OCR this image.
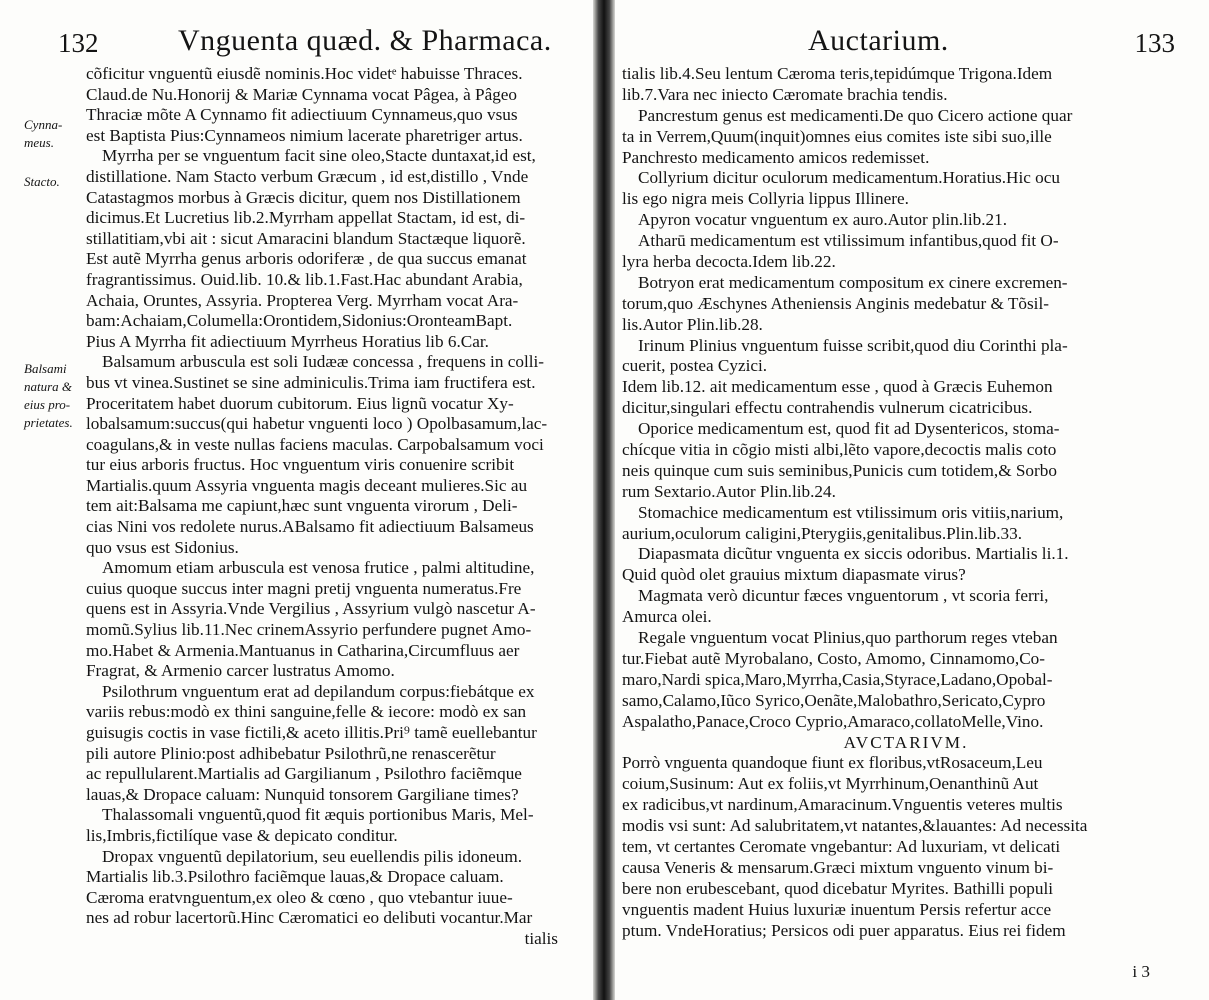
132	Vnguenta quæd. & Pharmaca.
Cynna-
meus.
Stacto.
Balsami
natura &
eius pro-
prietates.
cõficitur vnguentũ eiusdẽ nominis.Hoc videtᵉ habuisse Thraces.
Claud.de Nu.Honorij & Mariæ Cynnama vocat Pâgea, à Pâgeo
Thraciæ mõte A Cynnamo fit adiectiuum Cynnameus,quo vsus
est Baptista Pius:Cynnameos nimium lacerate pharetriger artus.
Myrrha per se vnguentum facit sine oleo,Stacte duntaxat,id est,
distillatione. Nam Stacto verbum Græcum , id est,distillo , Vnde
Catastagmos morbus à Græcis dicitur, quem nos Distillationem
dicimus.Et Lucretius lib.2.Myrrham appellat Stactam, id est, di-
stillatitiam,vbi ait : sicut Amaracini blandum Stactæque liquorẽ.
Est autẽ Myrrha genus arboris odoriferæ , de qua succus emanat
fragrantissimus. Ouid.lib. 10.& lib.1.Fast.Hac abundant Arabia,
Achaia, Oruntes, Assyria. Propterea Verg. Myrrham vocat Ara-
bam:Achaiam,Columella:Orontidem,Sidonius:OronteamBapt.
Pius A Myrrha fit adiectiuum Myrrheus Horatius lib 6.Car.
Balsamum arbuscula est soli Iudææ concessa , frequens in colli-
bus vt vinea.Sustinet se sine adminiculis.Trima iam fructifera est.
Proceritatem habet duorum cubitorum. Eius lignũ vocatur Xy-
lobalsamum:succus(qui habetur vnguenti loco ) Opolbasamum,lac-
coagulans,& in veste nullas faciens maculas. Carpobalsamum voci
tur eius arboris fructus. Hoc vnguentum viris conuenire scribit
Martialis.quum Assyria vnguenta magis deceant mulieres.Sic au
tem ait:Balsama me capiunt,hæc sunt vnguenta virorum , Deli-
cias Nini vos redolete nurus.ABalsamo fit adiectiuum Balsameus
quo vsus est Sidonius.
Amomum etiam arbuscula est venosa frutice , palmi altitudine,
cuius quoque succus inter magni pretij vnguenta numeratus.Fre
quens est in Assyria.Vnde Vergilius , Assyrium vulgò nascetur A-
momũ.Sylius lib.11.Nec crinemAssyrio perfundere pugnet Amo-
mo.Habet & Armenia.Mantuanus in Catharina,Circumfluus aer
Fragrat, & Armenio carcer lustratus Amomo.
Psilothrum vnguentum erat ad depilandum corpus:fiebátque ex
variis rebus:modò ex thini sanguine,felle & iecore: modò ex san
guisugis coctis in vase fictili,& aceto illitis.Pri⁹ tamẽ euellebantur
pili autore Plinio:post adhibebatur Psilothrũ,ne renascerẽtur
ac repullularent.Martialis ad Gargilianum , Psilothro faciẽmque
lauas,& Dropace caluam: Nunquid tonsorem Gargiliane times?
Thalassomali vnguentũ,quod fit æquis portionibus Maris, Mel-
lis,Imbris,fictilíque vase & depicato conditur.
Dropax vnguentũ depilatorium, seu euellendis pilis idoneum.
Martialis lib.3.Psilothro faciẽmque lauas,& Dropace caluam.
Cæroma eratvnguentum,ex oleo & cœno , quo vtebantur iuue-
nes ad robur lacertorũ.Hinc Cæromatici eo delibuti vocantur.Mar
tialis
Auctarium.	133
tialis lib.4.Seu lentum Cæroma teris,tepidúmque Trigona.Idem
lib.7.Vara nec iniecto Cæromate brachia tendis.
Pancrestum genus est medicamenti.De quo Cicero actione quar
ta in Verrem,Quum(inquit)omnes eius comites iste sibi suo,ille
Panchresto medicamento amicos redemisset.
Collyrium dicitur oculorum medicamentum.Horatius.Hic ocu
lis ego nigra meis Collyria lippus Illinere.
Apyron vocatur vnguentum ex auro.Autor plin.lib.21.
Atharū medicamentum est vtilissimum infantibus,quod fit O-
lyra herba decocta.Idem lib.22.
Botryon erat medicamentum compositum ex cinere excremen-
torum,quo Æschynes Atheniensis Anginis medebatur & Tõsil-
lis.Autor Plin.lib.28.
Irinum Plinius vnguentum fuisse scribit,quod diu Corinthi pla-
cuerit, postea Cyzici.
Idem lib.12. ait medicamentum esse , quod à Græcis Euhemon
dicitur,singulari effectu contrahendis vulnerum cicatricibus.
Oporice medicamentum est, quod fit ad Dysentericos, stoma-
chícque vitia in cõgio misti albi,lẽto vapore,decoctis malis coto
neis quinque cum suis seminibus,Punicis cum totidem,& Sorbo
rum Sextario.Autor Plin.lib.24.
Stomachice medicamentum est vtilissimum oris vitiis,narium,
aurium,oculorum caligini,Pterygiis,genitalibus.Plin.lib.33.
Diapasmata dicũtur vnguenta ex siccis odoribus. Martialis li.1.
Quid quòd olet grauius mixtum diapasmate virus?
Magmata verò dicuntur fæces vnguentorum , vt scoria ferri,
Amurca olei.
Regale vnguentum vocat Plinius,quo parthorum reges vteban
tur.Fiebat autẽ Myrobalano, Costo, Amomo, Cinnamomo,Co-
maro,Nardi spica,Maro,Myrrha,Casia,Styrace,Ladano,Opobal-
samo,Calamo,Iũco Syrico,Oenãte,Malobathro,Sericato,Cypro
Aspalatho,Panace,Croco Cyprio,Amaraco,collatoMelle,Vino.
AVCTARIVM.
Porrò vnguenta quandoque fiunt ex floribus,vtRosaceum,Leu
coium,Susinum: Aut ex foliis,vt Myrrhinum,Oenanthinũ Aut
ex radicibus,vt nardinum,Amaracinum.Vnguentis veteres multis
modis vsi sunt: Ad salubritatem,vt natantes,&lauantes: Ad necessita
tem, vt certantes Ceromate vngebantur: Ad luxuriam, vt delicati
causa Veneris & mensarum.Græci mixtum vnguento vinum bi-
bere non erubescebant, quod dicebatur Myrites. Bathilli populi
vnguentis madent Huius luxuriæ inuentum Persis refertur acce
ptum. VndeHoratius; Persicos odi puer apparatus. Eius rei fidem
i 3
